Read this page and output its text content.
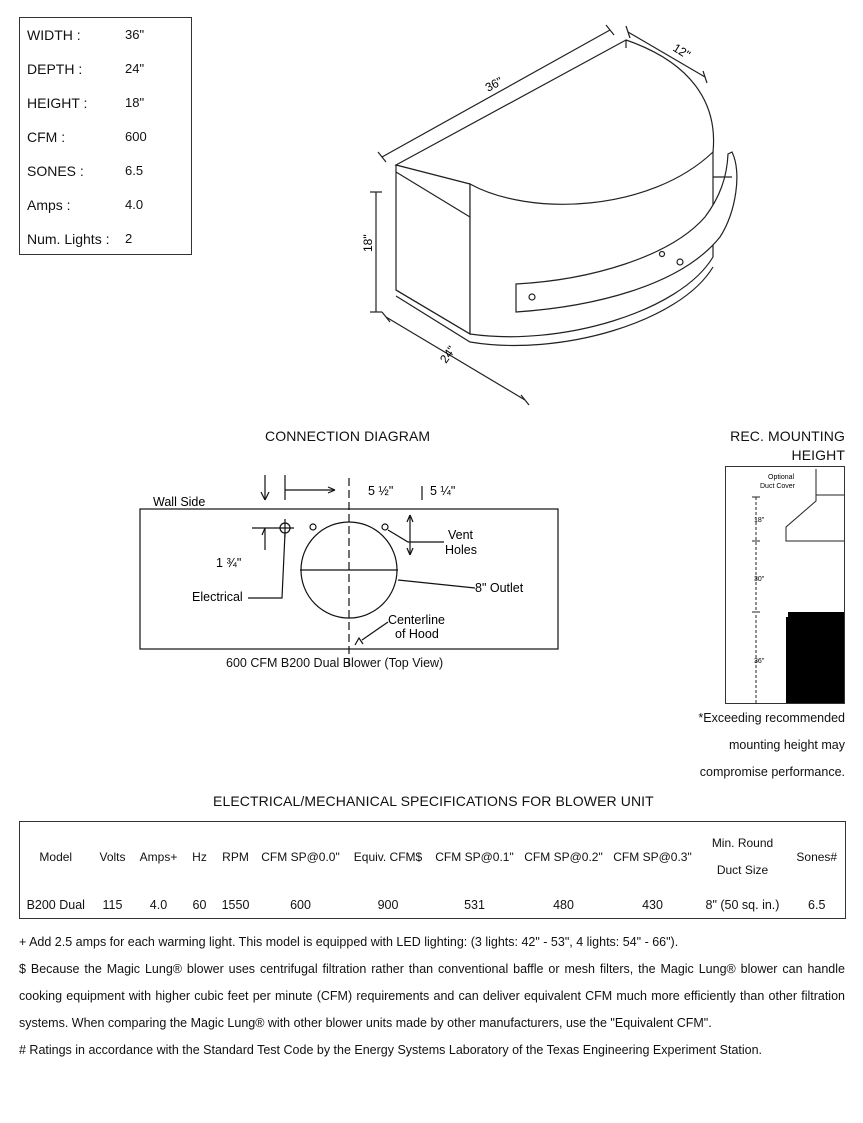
WIDTH :	36"
DEPTH :	24"
HEIGHT :	18"
CFM :	600
SONES :	6.5
Amps :	4.0
Num. Lights : 2
36"
12"
18"
24"
CONNECTION DIAGRAM
Wall Side
5 ½"	5 ¼"
1 ¾"
Vent
Holes
Electrical
8" Outlet
Centerline
of Hood
600 CFM B200 Dual Blower (Top View)
REC. MOUNTING
HEIGHT
Optional
Duct Cover
18"
30"
36"
*Exceeding recommended
mounting height may
compromise performance.
ELECTRICAL/MECHANICAL SPECIFICATIONS FOR BLOWER UNIT
Model	Volts	Amps+	Hz	RPM	CFM SP@0.0"	Equiv. CFM$	CFM SP@0.1"	CFM SP@0.2"	CFM SP@0.3"	Min. Round
Duct Size	Sones#
B200 Dual	115	4.0	60	1550	600	900	531	480	430	8" (50 sq. in.)	6.5

+ Add 2.5 amps for each warming light. This model is equipped with LED lighting: (3 lights: 42" - 53", 4 lights: 54" - 66").

$ Because the Magic Lung® blower uses centrifugal filtration rather than conventional baffle or mesh filters, the Magic Lung® blower can handle cooking equipment with higher cubic feet per minute (CFM) requirements and can deliver equivalent CFM much more efficiently than other filtration systems. When comparing the Magic Lung® with other blower units made by other manufacturers, use the "Equivalent CFM".

# Ratings in accordance with the Standard Test Code by the Energy Systems Laboratory of the Texas Engineering Experiment Station.
